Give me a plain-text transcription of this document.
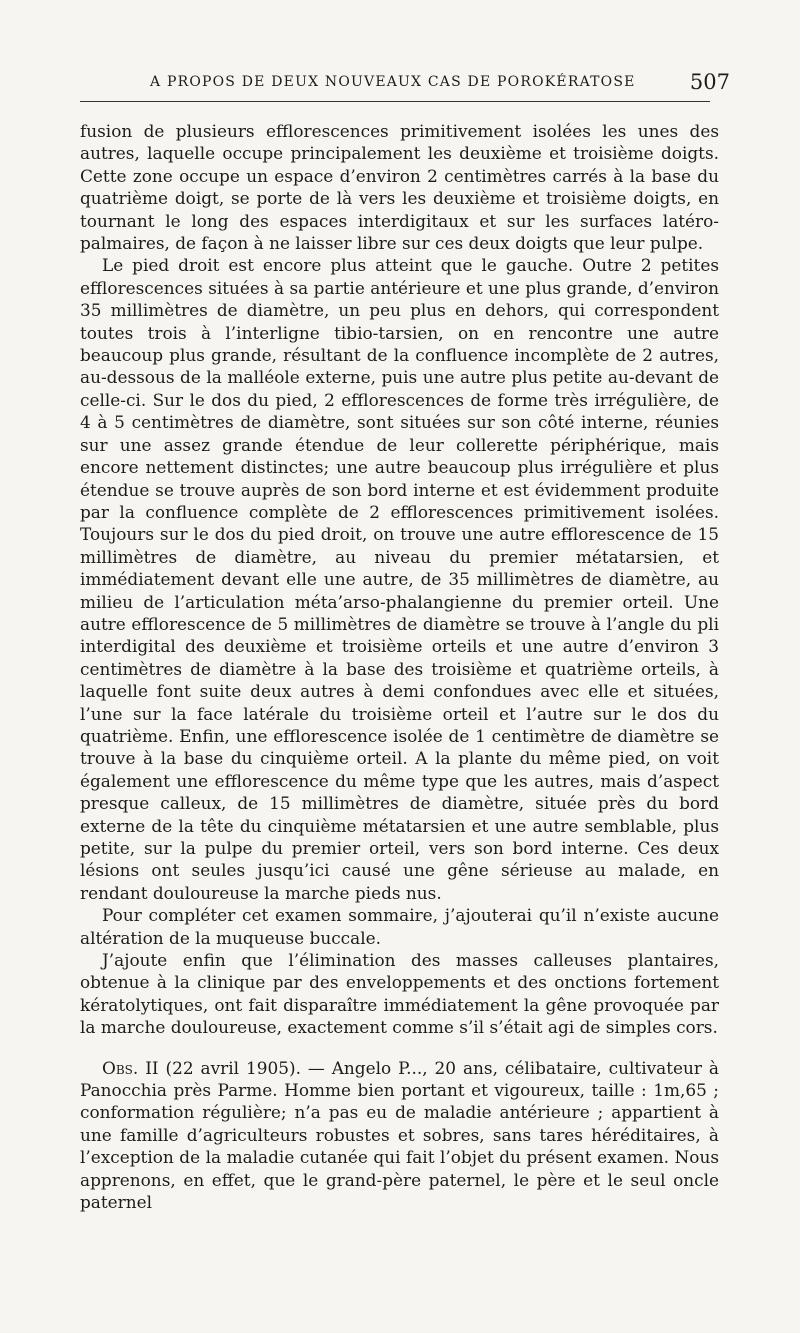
A PROPOS DE DEUX NOUVEAUX CAS DE POROKÉRATOSE	507

fusion de plusieurs efflorescences primitivement isolées les unes des autres, laquelle occupe principalement les deuxième et troisième doigts. Cette zone occupe un espace d’environ 2 centimètres carrés à la base du quatrième doigt, se porte de là vers les deuxième et troisième doigts, en tournant le long des espaces interdigitaux et sur les surfaces latéro-palmaires, de façon à ne laisser libre sur ces deux doigts que leur pulpe.

Le pied droit est encore plus atteint que le gauche. Outre 2 petites efflorescences situées à sa partie antérieure et une plus grande, d’environ 35 millimètres de diamètre, un peu plus en dehors, qui correspondent toutes trois à l’interligne tibio-tarsien, on en rencontre une autre beaucoup plus grande, résultant de la confluence incomplète de 2 autres, au-dessous de la malléole externe, puis une autre plus petite au-devant de celle-ci. Sur le dos du pied, 2 efflorescences de forme très irrégulière, de 4 à 5 centimètres de diamètre, sont situées sur son côté interne, réunies sur une assez grande étendue de leur collerette périphérique, mais encore nettement distinctes; une autre beaucoup plus irrégulière et plus étendue se trouve auprès de son bord interne et est évidemment produite par la confluence complète de 2 efflorescences primitivement isolées. Toujours sur le dos du pied droit, on trouve une autre efflorescence de 15 millimètres de diamètre, au niveau du premier métatarsien, et immédiatement devant elle une autre, de 35 millimètres de diamètre, au milieu de l’articulation méta’arso-phalangienne du premier orteil. Une autre efflorescence de 5 millimètres de diamètre se trouve à l’angle du pli interdigital des deuxième et troisième orteils et une autre d’environ 3 centimètres de diamètre à la base des troisième et quatrième orteils, à laquelle font suite deux autres à demi confondues avec elle et situées, l’une sur la face latérale du troisième orteil et l’autre sur le dos du quatrième. Enfin, une efflorescence isolée de 1 centimètre de diamètre se trouve à la base du cinquième orteil. A la plante du même pied, on voit également une efflorescence du même type que les autres, mais d’aspect presque calleux, de 15 millimètres de diamètre, située près du bord externe de la tête du cinquième métatarsien et une autre semblable, plus petite, sur la pulpe du premier orteil, vers son bord interne. Ces deux lésions ont seules jusqu’ici causé une gêne sérieuse au malade, en rendant douloureuse la marche pieds nus.

Pour compléter cet examen sommaire, j’ajouterai qu’il n’existe aucune altération de la muqueuse buccale.

J’ajoute enfin que l’élimination des masses calleuses plantaires, obtenue à la clinique par des enveloppements et des onctions fortement kératolytiques, ont fait disparaître immédiatement la gêne provoquée par la marche douloureuse, exactement comme s’il s’était agi de simples cors.

Obs. II (22 avril 1905). — Angelo P..., 20 ans, célibataire, cultivateur à Panocchia près Parme. Homme bien portant et vigoureux, taille : 1m,65 ; conformation régulière; n’a pas eu de maladie antérieure ; appartient à une famille d’agriculteurs robustes et sobres, sans tares héréditaires, à l’exception de la maladie cutanée qui fait l’objet du présent examen. Nous apprenons, en effet, que le grand-père paternel, le père et le seul oncle paternel
